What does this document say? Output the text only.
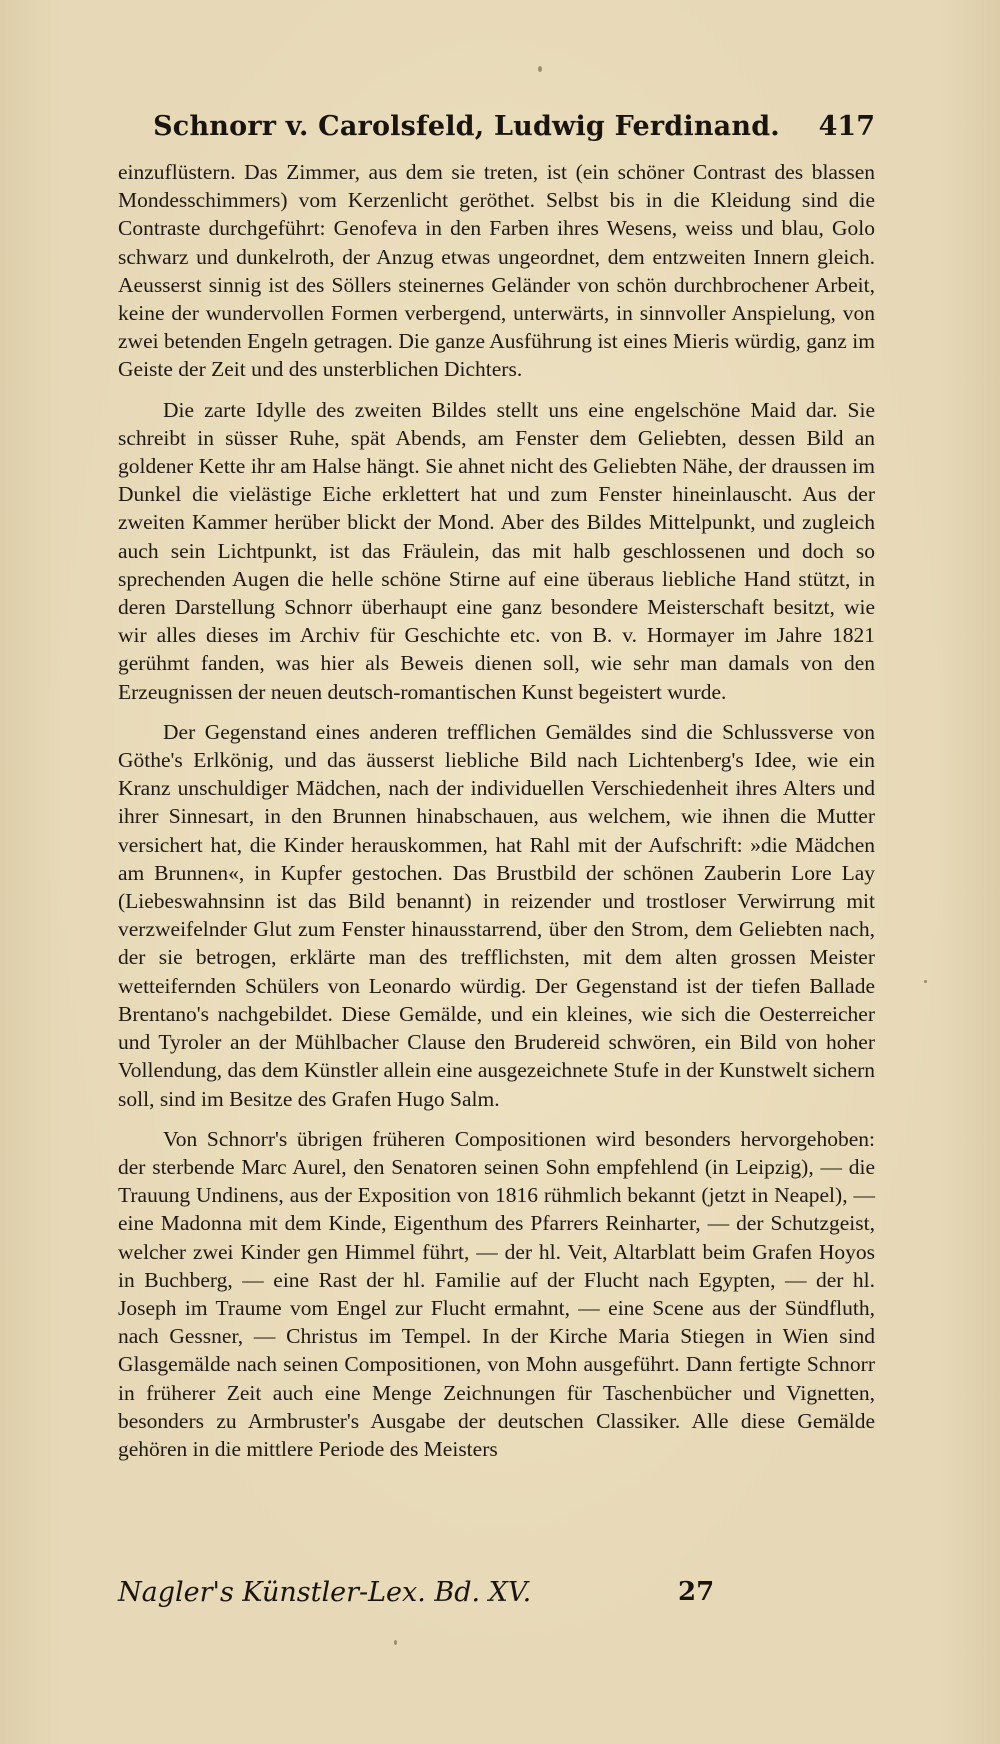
Schnorr v. Carolsfeld, Ludwig Ferdinand.	417

einzuflüstern. Das Zimmer, aus dem sie treten, ist (ein schöner Contrast des blassen Mondesschimmers) vom Kerzenlicht geröthet. Selbst bis in die Kleidung sind die Contraste durchgeführt: Genofeva in den Farben ihres Wesens, weiss und blau, Golo schwarz und dunkelroth, der Anzug etwas ungeordnet, dem entzweiten Innern gleich. Aeusserst sinnig ist des Söllers steinernes Geländer von schön durchbrochener Arbeit, keine der wundervollen Formen verbergend, unterwärts, in sinnvoller Anspielung, von zwei betenden Engeln getragen. Die ganze Ausführung ist eines Mieris würdig, ganz im Geiste der Zeit und des unsterblichen Dichters.

Die zarte Idylle des zweiten Bildes stellt uns eine engelschöne Maid dar. Sie schreibt in süsser Ruhe, spät Abends, am Fenster dem Geliebten, dessen Bild an goldener Kette ihr am Halse hängt. Sie ahnet nicht des Geliebten Nähe, der draussen im Dunkel die vielästige Eiche erklettert hat und zum Fenster hineinlauscht. Aus der zweiten Kammer herüber blickt der Mond. Aber des Bildes Mittelpunkt, und zugleich auch sein Lichtpunkt, ist das Fräulein, das mit halb geschlossenen und doch so sprechenden Augen die helle schöne Stirne auf eine überaus liebliche Hand stützt, in deren Darstellung Schnorr überhaupt eine ganz besondere Meisterschaft besitzt, wie wir alles dieses im Archiv für Geschichte etc. von B. v. Hormayer im Jahre 1821 gerühmt fanden, was hier als Beweis dienen soll, wie sehr man damals von den Erzeugnissen der neuen deutsch-romantischen Kunst begeistert wurde.

Der Gegenstand eines anderen trefflichen Gemäldes sind die Schlussverse von Göthe's Erlkönig, und das äusserst liebliche Bild nach Lichtenberg's Idee, wie ein Kranz unschuldiger Mädchen, nach der individuellen Verschiedenheit ihres Alters und ihrer Sinnesart, in den Brunnen hinabschauen, aus welchem, wie ihnen die Mutter versichert hat, die Kinder herauskommen, hat Rahl mit der Aufschrift: »die Mädchen am Brunnen«, in Kupfer gestochen. Das Brustbild der schönen Zauberin Lore Lay (Liebeswahnsinn ist das Bild benannt) in reizender und trostloser Verwirrung mit verzweifelnder Glut zum Fenster hinausstarrend, über den Strom, dem Geliebten nach, der sie betrogen, erklärte man des trefflichsten, mit dem alten grossen Meister wetteifernden Schülers von Leonardo würdig. Der Gegenstand ist der tiefen Ballade Brentano's nachgebildet. Diese Gemälde, und ein kleines, wie sich die Oesterreicher und Tyroler an der Mühlbacher Clause den Brudereid schwören, ein Bild von hoher Vollendung, das dem Künstler allein eine ausgezeichnete Stufe in der Kunstwelt sichern soll, sind im Besitze des Grafen Hugo Salm.

Von Schnorr's übrigen früheren Compositionen wird besonders hervorgehoben: der sterbende Marc Aurel, den Senatoren seinen Sohn empfehlend (in Leipzig), — die Trauung Undinens, aus der Exposition von 1816 rühmlich bekannt (jetzt in Neapel), — eine Madonna mit dem Kinde, Eigenthum des Pfarrers Reinharter, — der Schutzgeist, welcher zwei Kinder gen Himmel führt, — der hl. Veit, Altarblatt beim Grafen Hoyos in Buchberg, — eine Rast der hl. Familie auf der Flucht nach Egypten, — der hl. Joseph im Traume vom Engel zur Flucht ermahnt, — eine Scene aus der Sündfluth, nach Gessner, — Christus im Tempel. In der Kirche Maria Stiegen in Wien sind Glasgemälde nach seinen Compositionen, von Mohn ausgeführt. Dann fertigte Schnorr in früherer Zeit auch eine Menge Zeichnungen für Taschenbücher und Vignetten, besonders zu Armbruster's Ausgabe der deutschen Classiker. Alle diese Gemälde gehören in die mittlere Periode des Meisters

Nagler's Künstler-Lex. Bd. XV.	27
